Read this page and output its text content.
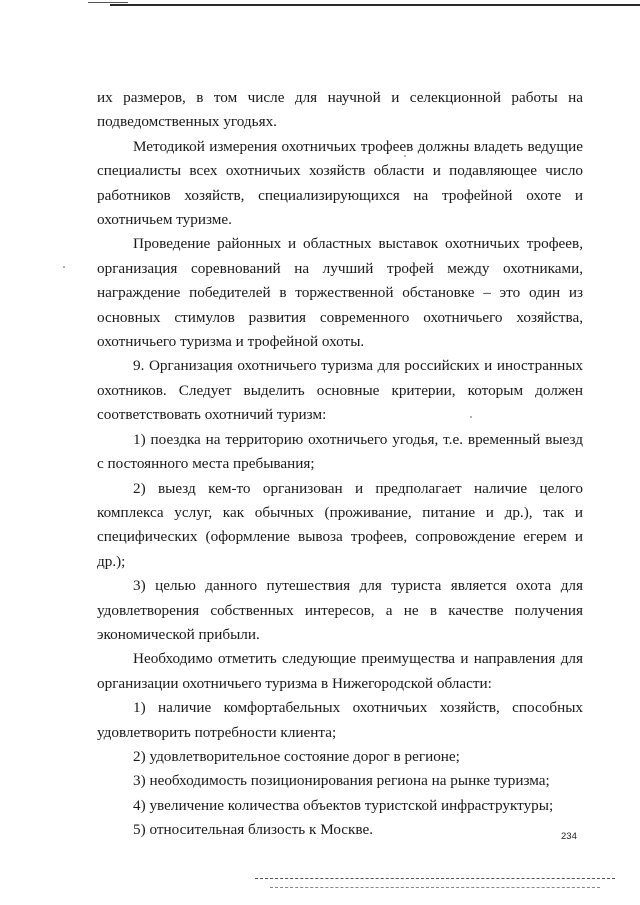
их размеров, в том числе для научной и селекционной работы на подведомственных угодьях.

Методикой измерения охотничьих трофеев должны владеть ведущие специалисты всех охотничьих хозяйств области и подавляющее число работников хозяйств, специализирующихся на трофейной охоте и охотничьем туризме.

Проведение районных и областных выставок охотничьих трофеев, организация соревнований на лучший трофей между охотниками, награждение победителей в торжественной обстановке – это один из основных стимулов развития современного охотничьего хозяйства, охотничьего туризма и трофейной охоты.

9. Организация охотничьего туризма для российских и иностранных охотников. Следует выделить основные критерии, которым должен соответствовать охотничий туризм:

1) поездка на территорию охотничьего угодья, т.е. временный выезд с постоянного места пребывания;

2) выезд кем-то организован и предполагает наличие целого комплекса услуг, как обычных (проживание, питание и др.), так и специфических (оформление вывоза трофеев, сопровождение егерем и др.);

3) целью данного путешествия для туриста является охота для удовлетворения собственных интересов, а не в качестве получения экономической прибыли.

Необходимо отметить следующие преимущества и направления для организации охотничьего туризма в Нижегородской области:

1) наличие комфортабельных охотничьих хозяйств, способных удовлетворить потребности клиента;

2) удовлетворительное состояние дорог в регионе;

3) необходимость позиционирования региона на рынке туризма;

4) увеличение количества объектов туристской инфраструктуры;

5) относительная близость к Москве.	234
